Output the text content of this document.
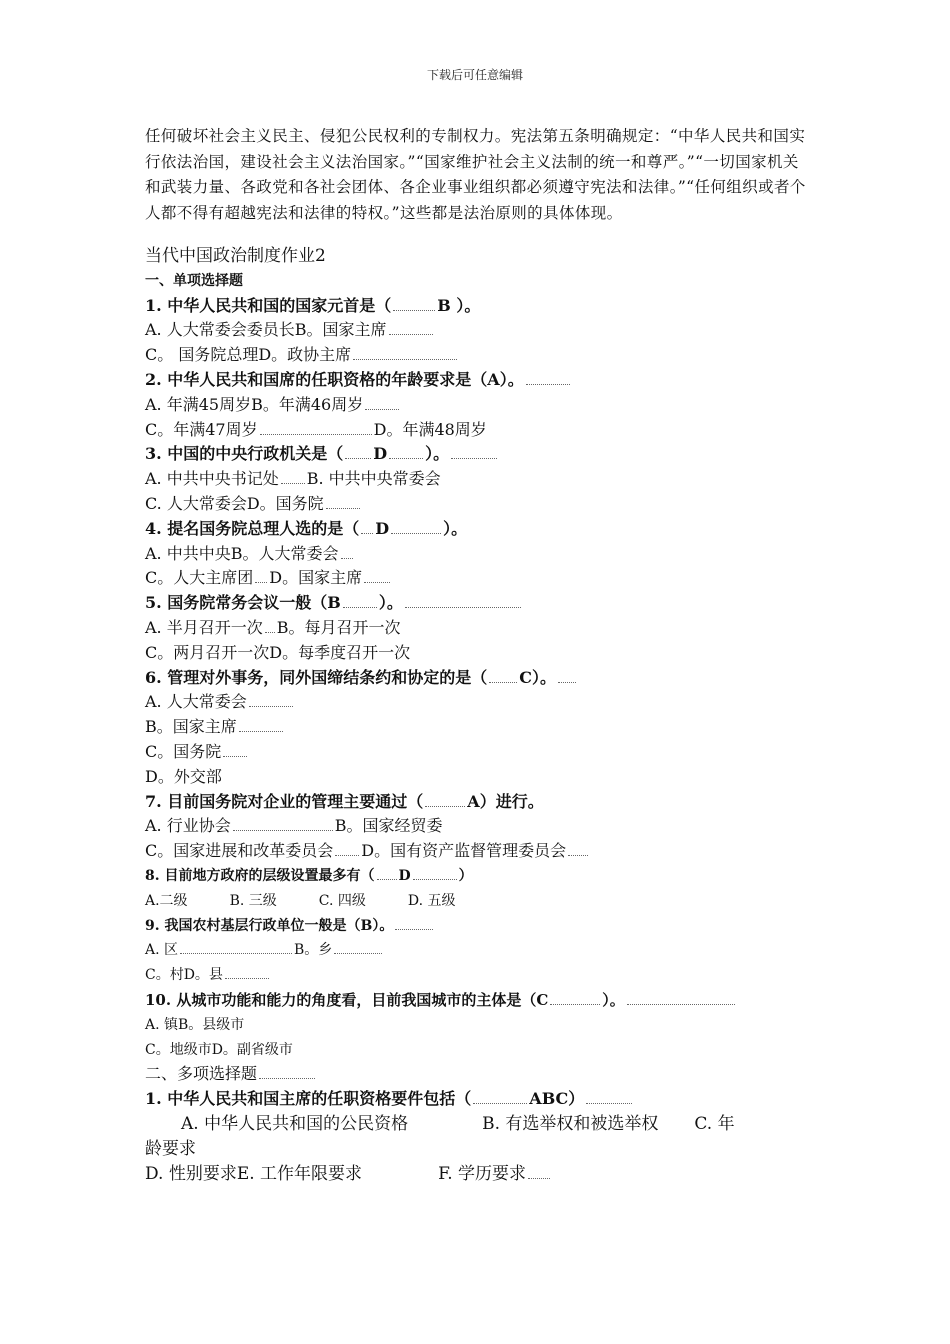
下载后可任意编辑

任何破坏社会主义民主、侵犯公民权利的专制权力。宪法第五条明确规定：“中华人民共和国实行依法治国，建设社会主义法治国家。”“国家维护社会主义法制的统一和尊严。”“一切国家机关和武装力量、各政党和各社会团体、各企业事业组织都必须遵守宪法和法律。”“任何组织或者个人都不得有超越宪法和法律的特权。”这些都是法治原则的具体体现。

当代中国政治制度作业2
一、单项选择题
1. 中华人民共和国的国家元首是（	B ）。
A. 人大常委会委员长B。国家主席
C。 国务院总理D。政协主席
2. 中华人民共和国席的任职资格的年龄要求是（A）。
A. 年满45周岁B。年满46周岁
C。年满47周岁	D。年满48周岁
3. 中国的中央行政机关是（ D ）。
A. 中共中央书记处 B. 中共中央常委会
C. 人大常委会D。国务院
4. 提名国务院总理人选的是（ D	）。
A. 中共中央B。人大常委会
C。人大主席团 D。国家主席
5. 国务院常务会议一般（B ）。
A. 半月召开一次 B。每月召开一次
C。两月召开一次D。每季度召开一次
6. 管理对外事务，同外国缔结条约和协定的是（ C）。
A. 人大常委会
B。国家主席
C。国务院
D。外交部
7. 目前国务院对企业的管理主要通过（	A）进行。
A. 行业协会	B。国家经贸委
C。国家进展和改革委员会 D。国有资产监督管理委员会
8. 目前地方政府的层级设置最多有（ D	）
A.二级	B. 三级	C. 四级	D. 五级
9. 我国农村基层行政单位一般是（B）。
A. 区	B。乡
C。村D。县
10. 从城市功能和能力的角度看，目前我国城市的主体是（C	）。
A. 镇B。县级市
C。地级市D。副省级市
二、多项选择题
1. 中华人民共和国主席的任职资格要件包括（	ABC）
A. 中华人民共和国的公民资格	B. 有选举权和被选举权 C. 年
龄要求
D. 性别要求E. 工作年限要求	F. 学历要求
